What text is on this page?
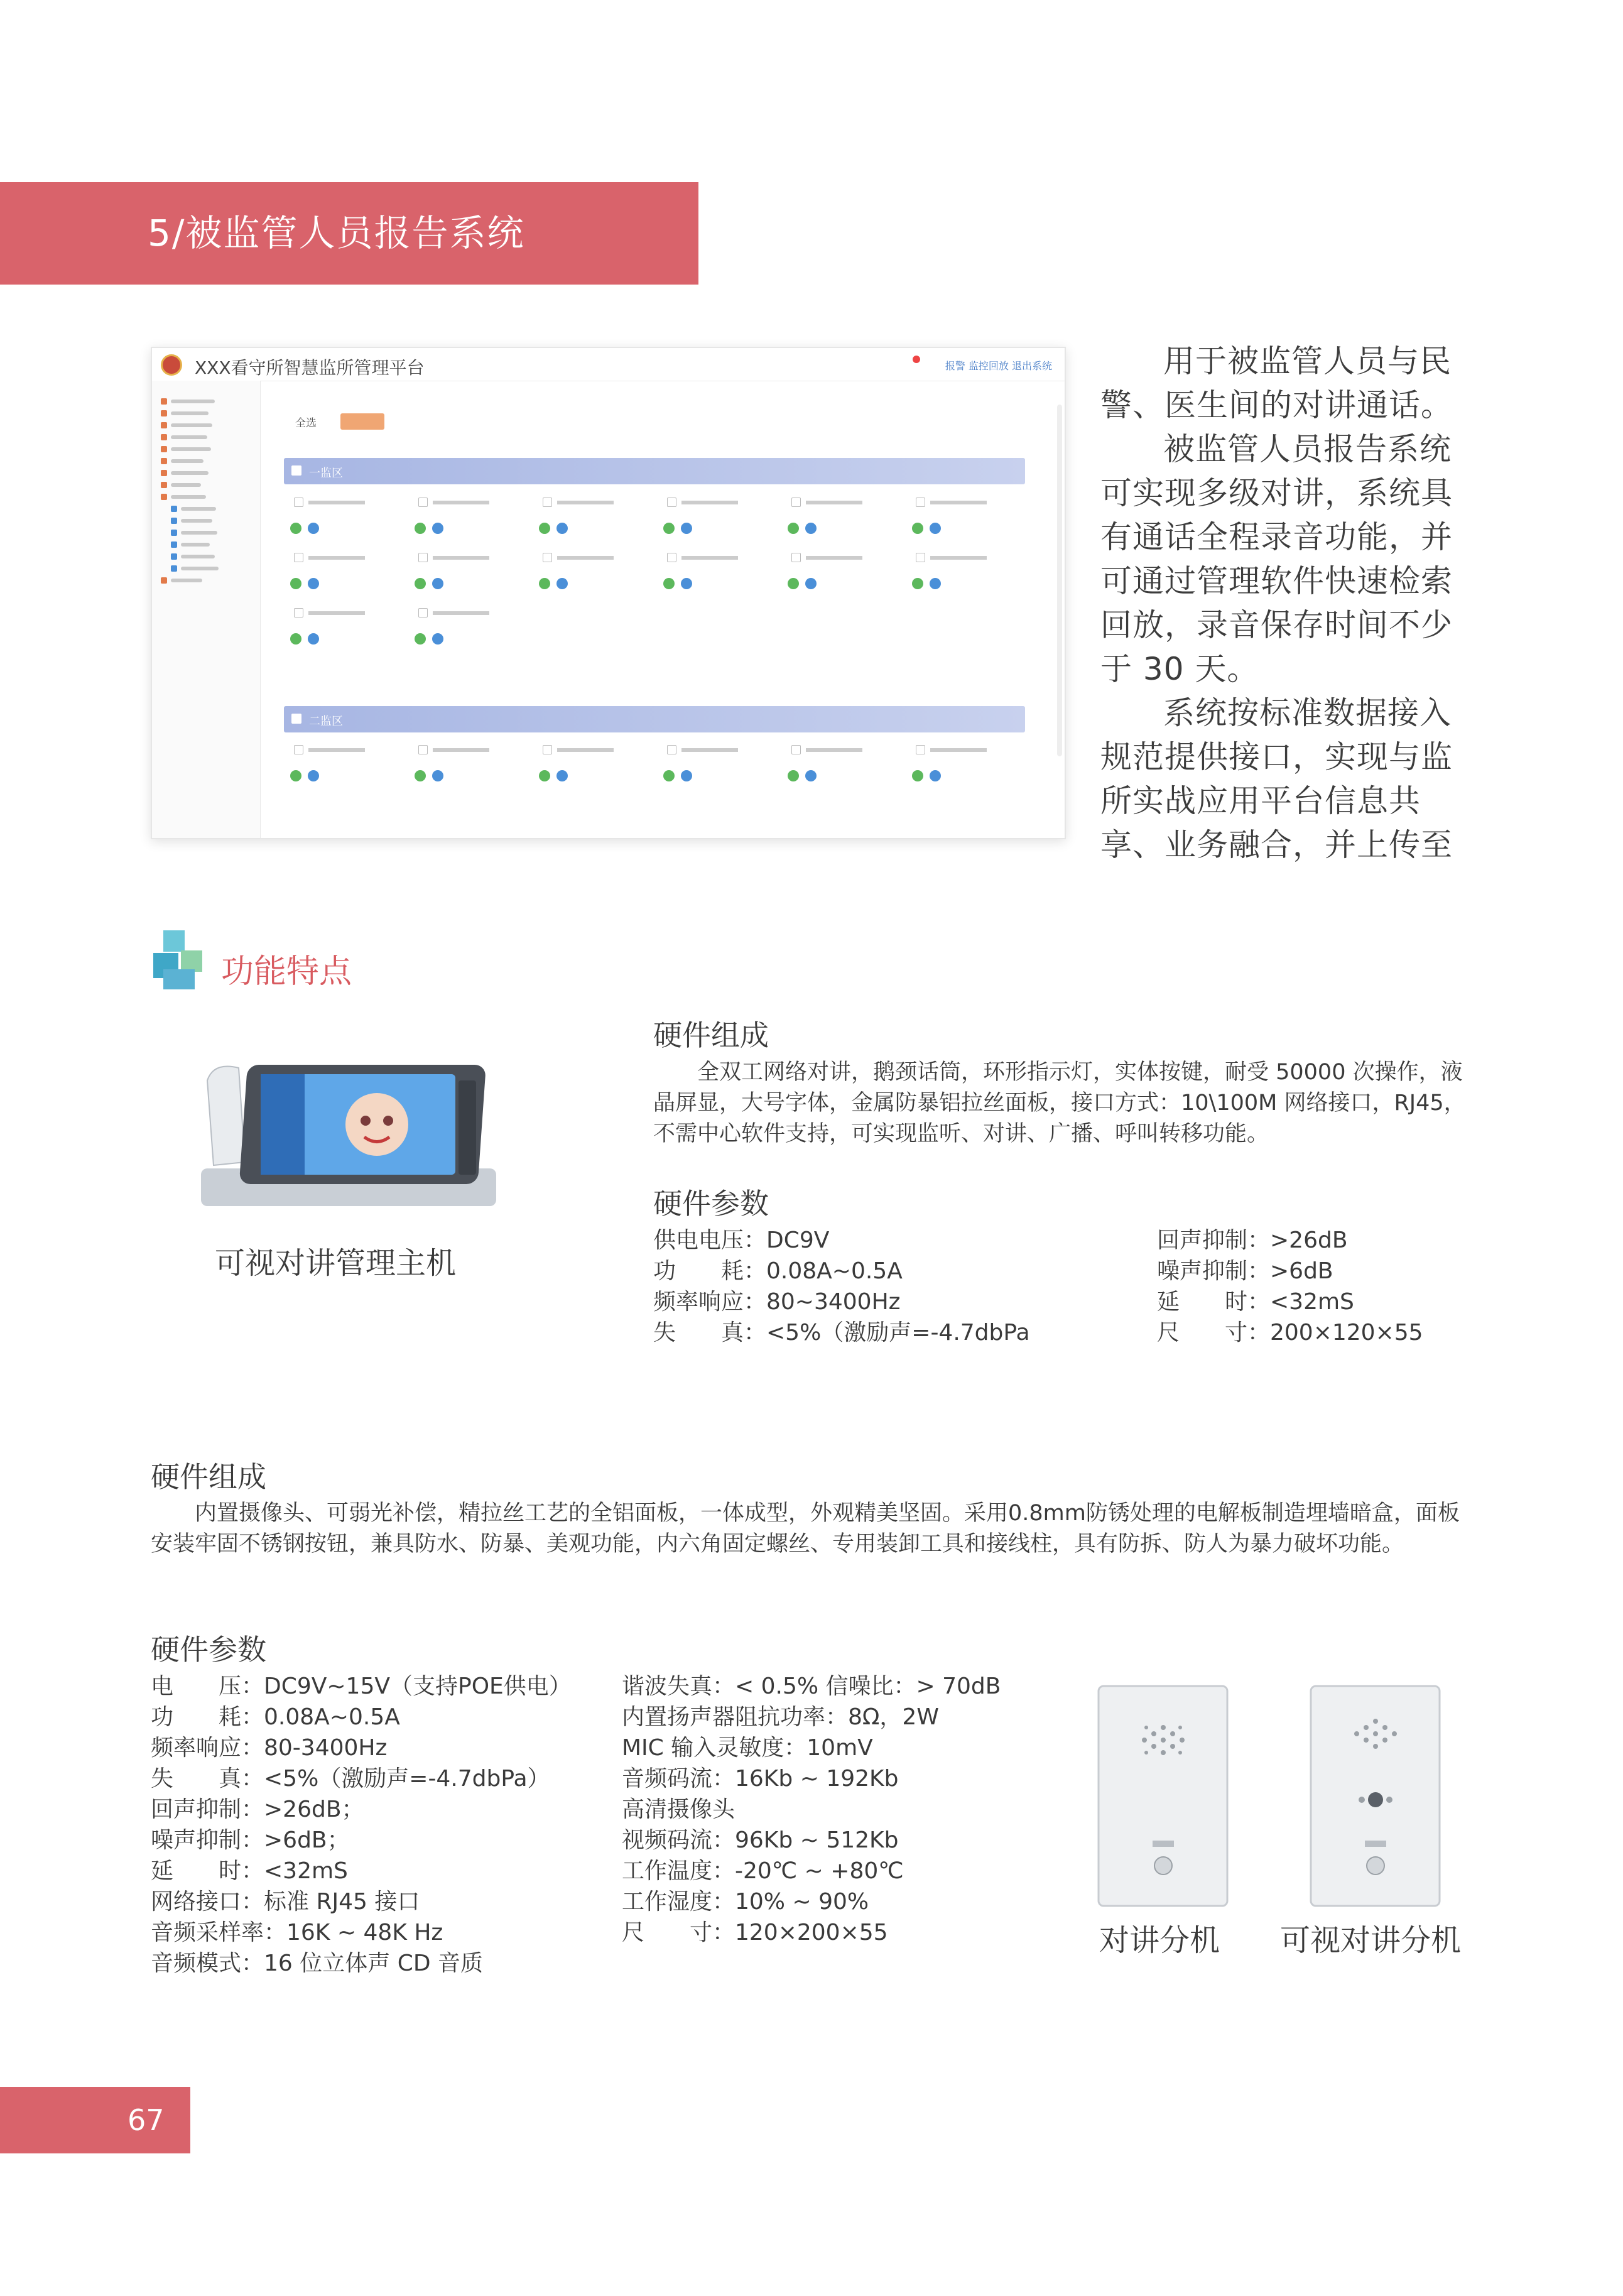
5/被监管人员报告系统
XXX看守所智慧监所管理平台	报警 监控回放 退出系统
全选
一监区
二监区

用于被监管人员与民警、医生间的对讲通话。

被监管人员报告系统可实现多级对讲，系统具有通话全程录音功能，并可通过管理软件快速检索回放，录音保存时间不少于 30 天。

系统按标准数据接入规范提供接口，实现与监所实战应用平台信息共享、业务融合，并上传至

功能特点
可视对讲管理主机
硬件组成
全双工网络对讲，鹅颈话筒，环形指示灯，实体按键，耐受 50000 次操作，液晶屏显，大号字体，金属防暴铝拉丝面板，接口方式：10\100M 网络接口，RJ45，不需中心软件支持，可实现监听、对讲、广播、呼叫转移功能。
硬件参数
供电电压：DC9V
功　　耗：0.08A~0.5A
频率响应：80~3400Hz
失　　真：<5%（激励声=-4.7dbPa
回声抑制：>26dB
噪声抑制：>6dB
延　　时：<32mS
尺　　寸：200×120×55
硬件组成
内置摄像头、可弱光补偿，精拉丝工艺的全铝面板，一体成型，外观精美坚固。采用0.8mm防锈处理的电解板制造埋墙暗盒，面板安装牢固不锈钢按钮，兼具防水、防暴、美观功能，内六角固定螺丝、专用装卸工具和接线柱，具有防拆、防人为暴力破坏功能。
硬件参数
电　　压：DC9V~15V（支持POE供电）
功　　耗：0.08A~0.5A
频率响应：80-3400Hz
失　　真：<5%（激励声=-4.7dbPa）
回声抑制：>26dB；
噪声抑制：>6dB；
延　　时：<32mS
网络接口：标准 RJ45 接口
音频采样率：16K ~ 48K Hz
音频模式：16 位立体声 CD 音质
谐波失真：< 0.5% 信噪比：> 70dB
内置扬声器阻抗功率：8Ω，2W
MIC 输入灵敏度：10mV
音频码流：16Kb ~ 192Kb
高清摄像头
视频码流：96Kb ~ 512Kb
工作温度：-20℃ ~ +80℃
工作湿度：10% ~ 90%
尺　　寸：120×200×55	对讲分机 可视对讲分机
67
